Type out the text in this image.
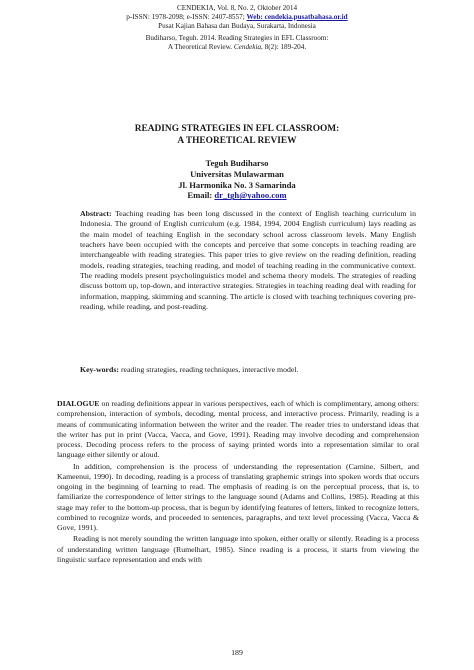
CENDEKIA, Vol. 8, No. 2, Oktober 2014
p-ISSN: 1978-2098; e-ISSN: 2407-8557; Web: cendekia.pusatbahasa.or.id
Pusat Kajian Bahasa dan Budaya, Surakarta, Indonesia
Budiharso, Teguh. 2014. Reading Strategies in EFL Classroom:
A Theoretical Review. Cendekia, 8(2): 189-204.
READING STRATEGIES IN EFL CLASSROOM:
A THEORETICAL REVIEW
Teguh Budiharso
Universitas Mulawarman
Jl. Harmonika No. 3 Samarinda
Email: dr_tgh@yahoo.com
Abstract: Teaching reading has been long discussed in the context of English teaching curriculum in Indonesia. The ground of English curriculum (e.g. 1984, 1994, 2004 English curriculum) lays reading as the main model of teaching English in the secondary school across classroom levels. Many English teachers have been occupied with the concepts and perceive that some concepts in teaching reading are interchangeable with reading strategies. This paper tries to give review on the reading definition, reading models, reading strategies, teaching reading, and model of teaching reading in the communicative context. The reading models present psycholinguistics model and schema theory models. The strategies of reading discuss bottom up, top-down, and interactive strategies. Strategies in teaching reading deal with reading for information, mapping, skimming and scanning. The article is closed with teaching techniques covering pre-reading, while reading, and post-reading.
Key-words: reading strategies, reading techniques, interactive model.

DIALOGUE on reading definitions appear in various perspectives, each of which is complimentary, among others: comprehension, interaction of symbols, decoding, mental process, and interactive process. Primarily, reading is a means of communicating information between the writer and the reader. The reader tries to understand ideas that the writer has put in print (Vacca, Vacca, and Gove, 1991). Reading may involve decoding and comprehension process. Decoding process refers to the process of saying printed words into a representation similar to oral language either silently or aloud.

In addition, comprehension is the process of understanding the representation (Carnine, Silbert, and Kameenui, 1990). In decoding, reading is a process of translating graphemic strings into spoken words that occurs ongoing in the beginning of learning to read. The emphasis of reading is on the perceptual process, that is, to familiarize the correspondence of letter strings to the language sound (Adams and Collins, 1985). Reading at this stage may refer to the bottom-up process, that is begun by identifying features of letters, linked to recognize letters, combined to recognize words, and proceeded to sentences, paragraphs, and text level processing (Vacca, Vacca & Gove, 1991).

Reading is not merely sounding the written language into spoken, either orally or silently. Reading is a process of understanding written language (Rumelhart, 1985). Since reading is a process, it starts from viewing the linguistic surface representation and ends with

189
